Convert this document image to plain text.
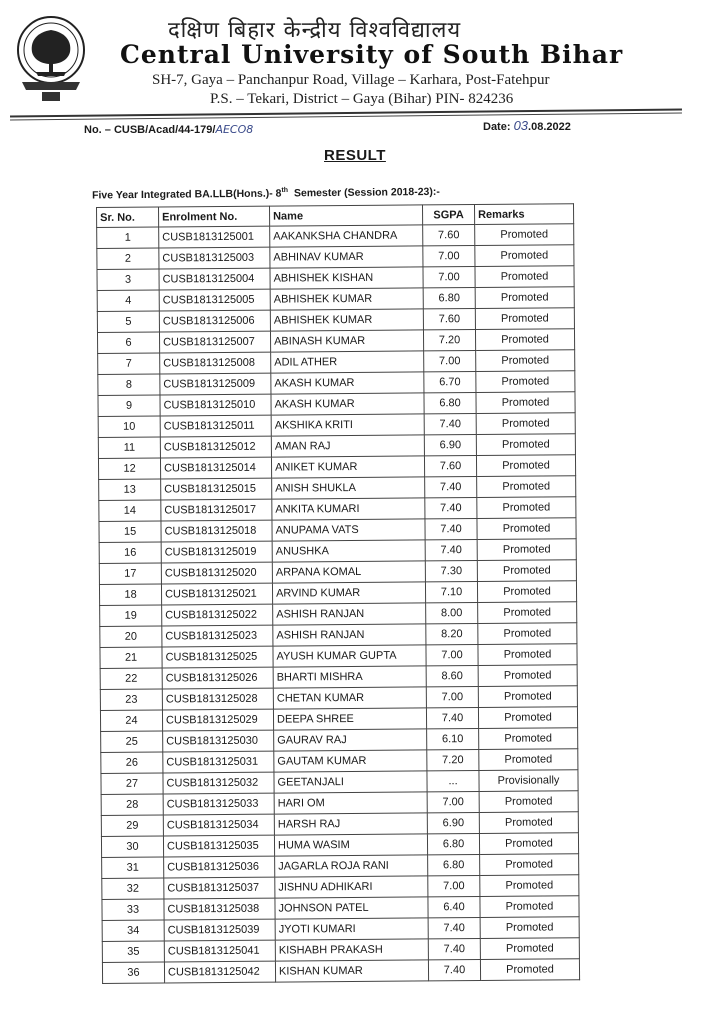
दक्षिण बिहार केन्द्रीय विश्वविद्यालय
Central University of South Bihar
SH-7, Gaya – Panchanpur Road, Village – Karhara, Post-Fatehpur
P.S. – Tekari, District – Gaya (Bihar) PIN- 824236
No. – CUSB/Acad/44-179/AECO8	Date: 03.08.2022
RESULT
Five Year Integrated BA.LLB(Hons.)- 8th Semester (Session 2018-23):-
Sr. No.	Enrolment No.	Name	SGPA	Remarks
1	CUSB1813125001	AAKANKSHA CHANDRA	7.60	Promoted
2	CUSB1813125003	ABHINAV KUMAR	7.00	Promoted
3	CUSB1813125004	ABHISHEK KISHAN	7.00	Promoted
4	CUSB1813125005	ABHISHEK KUMAR	6.80	Promoted
5	CUSB1813125006	ABHISHEK KUMAR	7.60	Promoted
6	CUSB1813125007	ABINASH KUMAR	7.20	Promoted
7	CUSB1813125008	ADIL ATHER	7.00	Promoted
8	CUSB1813125009	AKASH KUMAR	6.70	Promoted
9	CUSB1813125010	AKASH KUMAR	6.80	Promoted
10	CUSB1813125011	AKSHIKA KRITI	7.40	Promoted
11	CUSB1813125012	AMAN RAJ	6.90	Promoted
12	CUSB1813125014	ANIKET KUMAR	7.60	Promoted
13	CUSB1813125015	ANISH SHUKLA	7.40	Promoted
14	CUSB1813125017	ANKITA KUMARI	7.40	Promoted
15	CUSB1813125018	ANUPAMA VATS	7.40	Promoted
16	CUSB1813125019	ANUSHKA	7.40	Promoted
17	CUSB1813125020	ARPANA KOMAL	7.30	Promoted
18	CUSB1813125021	ARVIND KUMAR	7.10	Promoted
19	CUSB1813125022	ASHISH RANJAN	8.00	Promoted
20	CUSB1813125023	ASHISH RANJAN	8.20	Promoted
21	CUSB1813125025	AYUSH KUMAR GUPTA	7.00	Promoted
22	CUSB1813125026	BHARTI MISHRA	8.60	Promoted
23	CUSB1813125028	CHETAN KUMAR	7.00	Promoted
24	CUSB1813125029	DEEPA SHREE	7.40	Promoted
25	CUSB1813125030	GAURAV RAJ	6.10	Promoted
26	CUSB1813125031	GAUTAM KUMAR	7.20	Promoted
27	CUSB1813125032	GEETANJALI	...	Provisionally
28	CUSB1813125033	HARI OM	7.00	Promoted
29	CUSB1813125034	HARSH RAJ	6.90	Promoted
30	CUSB1813125035	HUMA WASIM	6.80	Promoted
31	CUSB1813125036	JAGARLA ROJA RANI	6.80	Promoted
32	CUSB1813125037	JISHNU ADHIKARI	7.00	Promoted
33	CUSB1813125038	JOHNSON PATEL	6.40	Promoted
34	CUSB1813125039	JYOTI KUMARI	7.40	Promoted
35	CUSB1813125041	KISHABH PRAKASH	7.40	Promoted
36	CUSB1813125042	KISHAN KUMAR	7.40	Promoted
